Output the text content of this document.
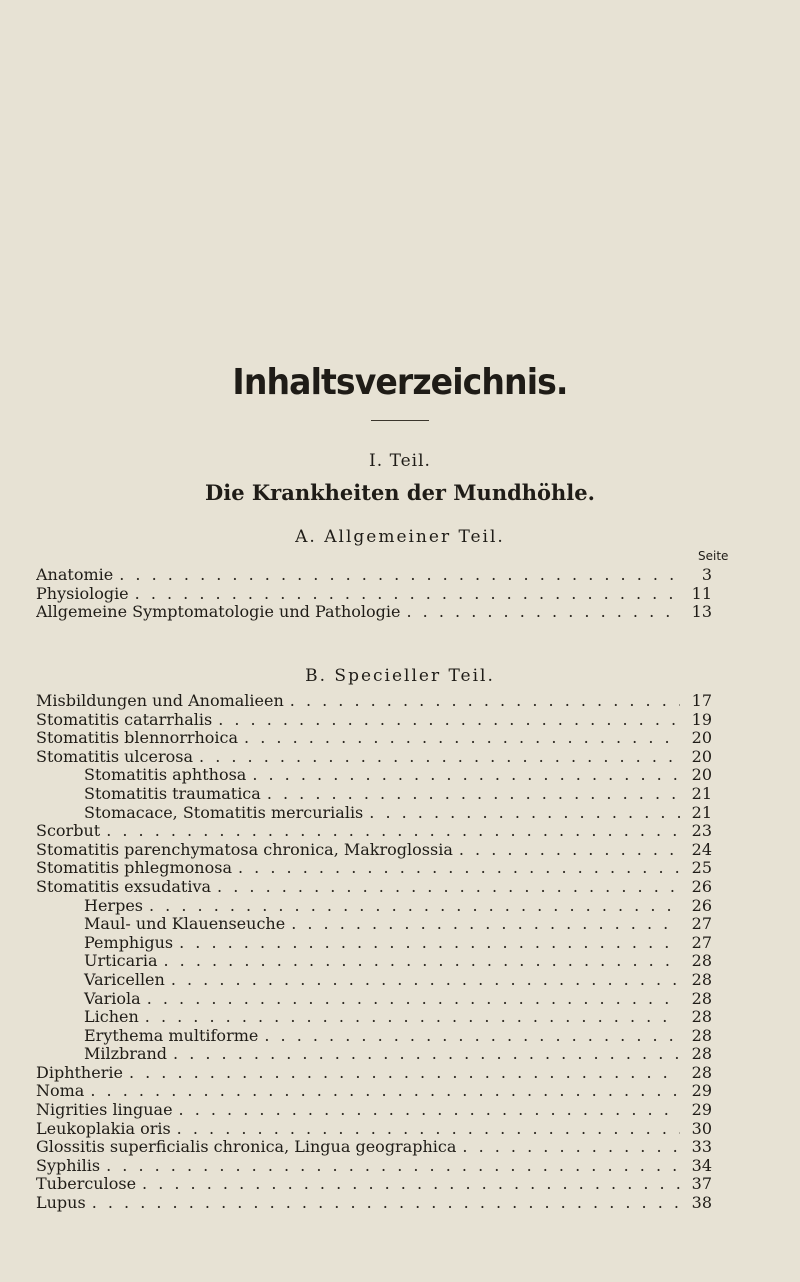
Inhaltsverzeichnis.
I. Teil.
Die Krankheiten der Mundhöhle.
A. Allgemeiner Teil.
Seite
Anatomie . . .	3
Physiologie . . .	11
Allgemeine Symptomatologie und Pathologie . . .	13
B. Specieller Teil.
Misbildungen und Anomalieen . . .	17
Stomatitis catarrhalis . . .	19
Stomatitis blennorrhoica . . .	20
Stomatitis ulcerosa . . .	20
Stomatitis aphthosa . . .	20
Stomatitis traumatica . . .	21
Stomacace, Stomatitis mercurialis . . .	21
Scorbut . . .	23
Stomatitis parenchymatosa chronica, Makroglossia . . .	24
Stomatitis phlegmonosa . . .	25
Stomatitis exsudativa . . .	26
Herpes . . .	26
Maul- und Klauenseuche . . .	27
Pemphigus . . .	27
Urticaria . . .	28
Varicellen . . .	28
Variola . . .	28
Lichen . . .	28
Erythema multiforme . . .	28
Milzbrand . . .	28
Diphtherie . . .	28
Noma . . .	29
Nigrities linguae . . .	29
Leukoplakia oris . . .	30
Glossitis superficialis chronica, Lingua geographica . . .	33
Syphilis . . .	34
Tuberculose . . .	37
Lupus . . .	38
